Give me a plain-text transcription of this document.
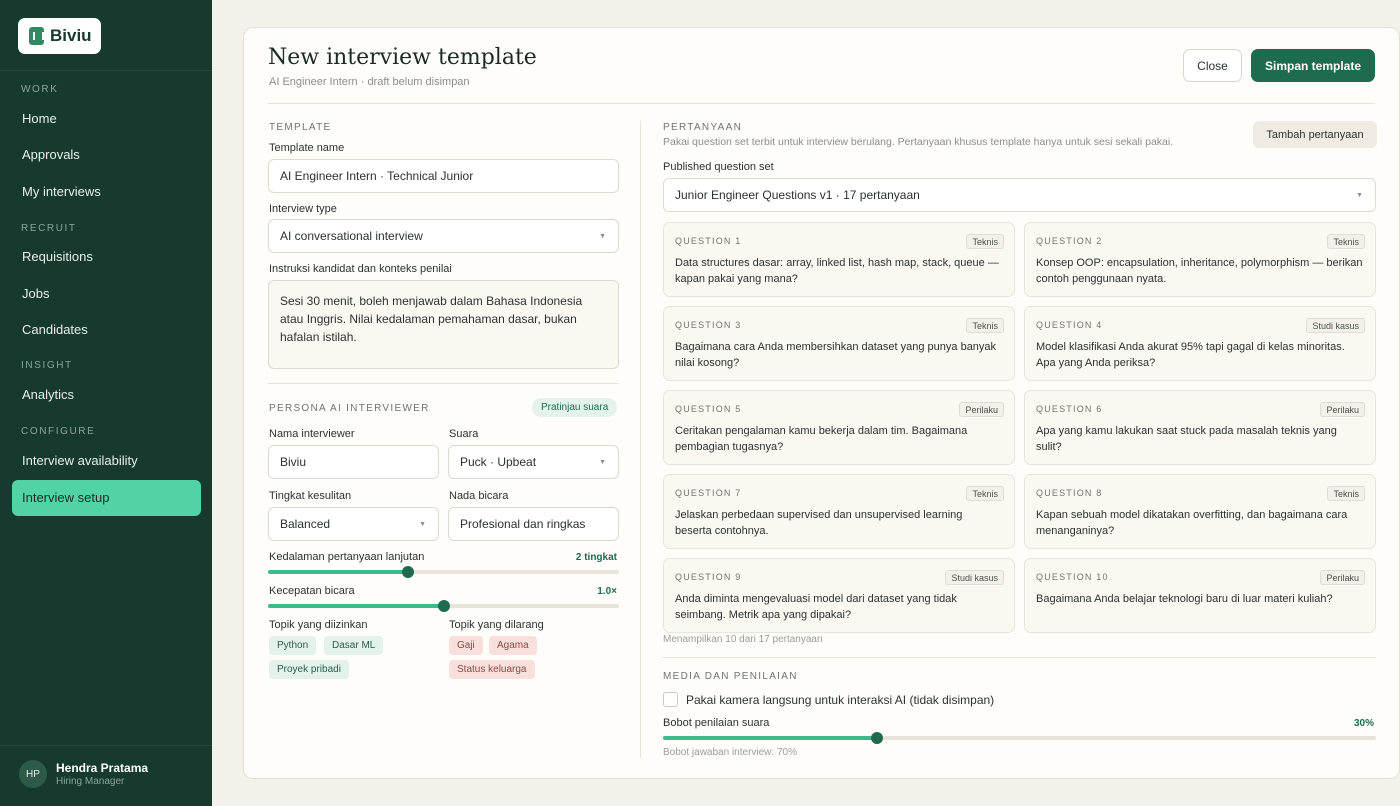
Biviu
WORK
Home
Approvals
My interviews
RECRUIT
Requisitions
Jobs
Candidates
INSIGHT
Analytics
CONFIGURE
Interview availability
Interview setup
HP	Hendra Pratama
Hiring Manager
New interview template
AI Engineer Intern · draft belum disimpan
Close	Simpan template
TEMPLATE
Template name
AI Engineer Intern · Technical Junior
Interview type
AI conversational interview	▼
Instruksi kandidat dan konteks penilai
Sesi 30 menit, boleh menjawab dalam Bahasa Indonesia atau Inggris. Nilai kedalaman pemahaman dasar, bukan hafalan istilah.
PERSONA AI INTERVIEWER	Pratinjau suara
Nama interviewer
Biviu
Suara
Puck · Upbeat	▼
Tingkat kesulitan
Balanced	▼
Nada bicara
Profesional dan ringkas
Kedalaman pertanyaan lanjutan	2 tingkat
Kecepatan bicara	1.0×
Topik yang diizinkan
Python	Dasar ML
Proyek pribadi
Topik yang dilarang
Gaji	Agama
Status keluarga
PERTANYAAN
Pakai question set terbit untuk interview berulang. Pertanyaan khusus template hanya untuk sesi sekali pakai.
Tambah pertanyaan
Published question set
Junior Engineer Questions v1 · 17 pertanyaan	▼
QUESTION 1	Teknis
Data structures dasar: array, linked list, hash map, stack, queue — kapan pakai yang mana?
QUESTION 2	Teknis
Konsep OOP: encapsulation, inheritance, polymorphism — berikan contoh penggunaan nyata.
QUESTION 3	Teknis
Bagaimana cara Anda membersihkan dataset yang punya banyak nilai kosong?
QUESTION 4	Studi kasus
Model klasifikasi Anda akurat 95% tapi gagal di kelas minoritas. Apa yang Anda periksa?
QUESTION 5	Perilaku
Ceritakan pengalaman kamu bekerja dalam tim. Bagaimana pembagian tugasnya?
QUESTION 6	Perilaku
Apa yang kamu lakukan saat stuck pada masalah teknis yang sulit?
QUESTION 7	Teknis
Jelaskan perbedaan supervised dan unsupervised learning beserta contohnya.
QUESTION 8	Teknis
Kapan sebuah model dikatakan overfitting, dan bagaimana cara menanganinya?
QUESTION 9	Studi kasus
Anda diminta mengevaluasi model dari dataset yang tidak seimbang. Metrik apa yang dipakai?
QUESTION 10	Perilaku
Bagaimana Anda belajar teknologi baru di luar materi kuliah?
Menampilkan 10 dari 17 pertanyaan
MEDIA DAN PENILAIAN
Pakai kamera langsung untuk interaksi AI (tidak disimpan)
Bobot penilaian suara	30%
Bobot jawaban interview: 70%
